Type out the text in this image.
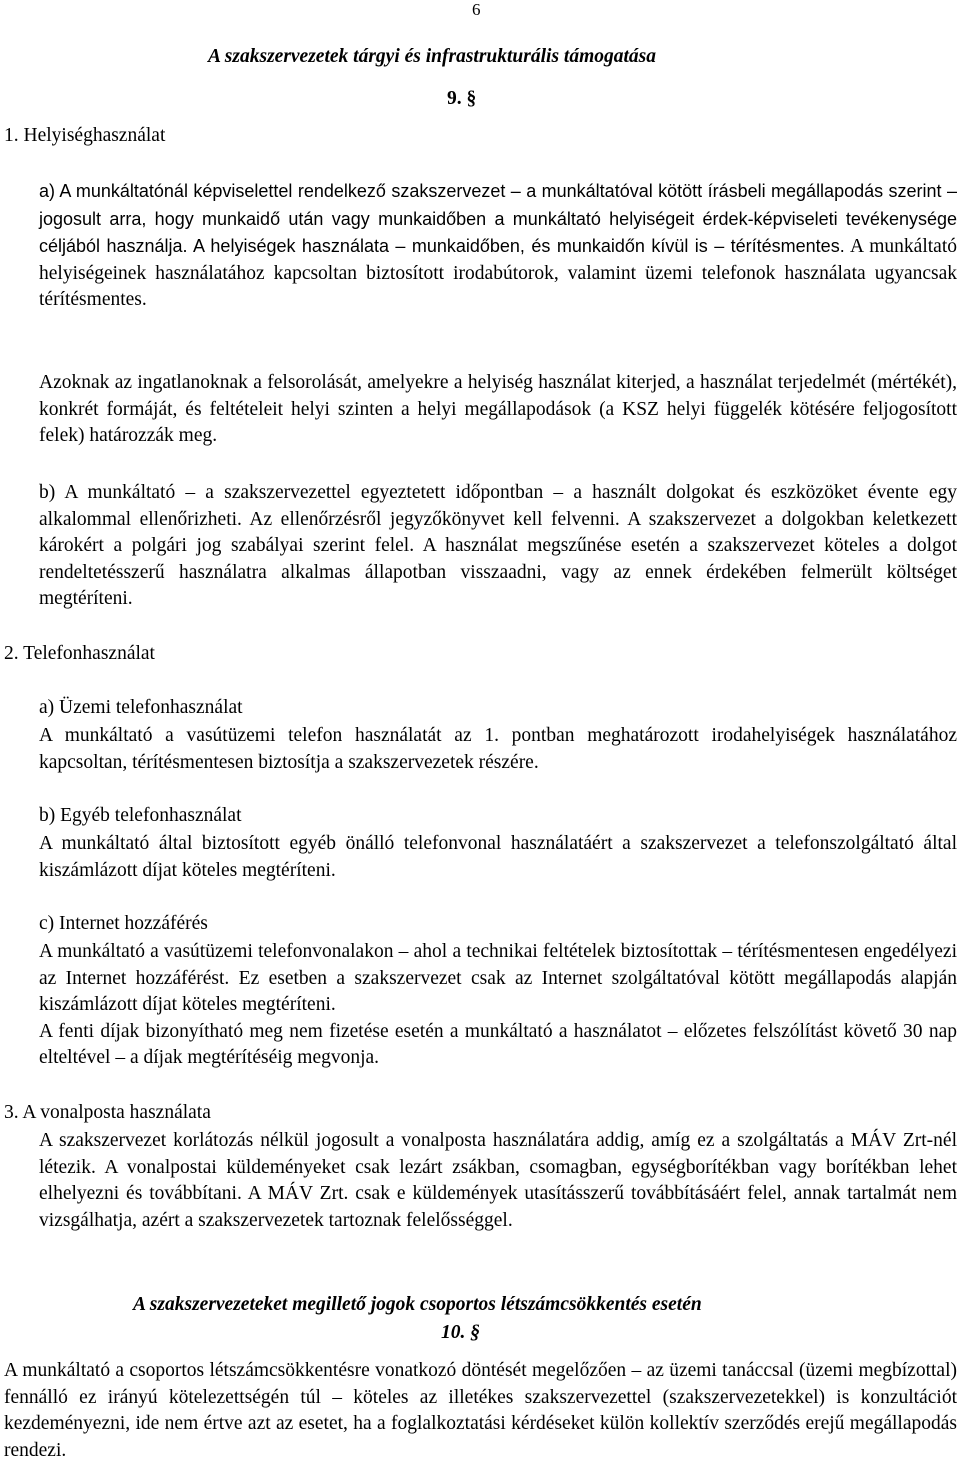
6
A szakszervezetek tárgyi és infrastrukturális támogatása
9. §
1. Helyiséghasználat

a) A munkáltatónál képviselettel rendelkező szakszervezet – a munkáltatóval kötött írásbeli megállapodás szerint – jogosult arra, hogy munkaidő után vagy munkaidőben a munkáltató helyiségeit érdek-képviseleti tevékenysége céljából használja. A helyiségek használata – munkaidőben, és munkaidőn kívül is – térítésmentes. A munkáltató helyiségeinek használatához kapcsoltan biztosított irodabútorok, valamint üzemi telefonok használata ugyancsak térítésmentes.

Azoknak az ingatlanoknak a felsorolását, amelyekre a helyiség használat kiterjed, a használat terjedelmét (mértékét), konkrét formáját, és feltételeit helyi szinten a helyi megállapodások (a KSZ helyi függelék kötésére feljogosított felek) határozzák meg.

b) A munkáltató – a szakszervezettel egyeztetett időpontban – a használt dolgokat és eszközöket évente egy alkalommal ellenőrizheti. Az ellenőrzésről jegyzőkönyvet kell felvenni. A szakszervezet a dolgokban keletkezett károkért a polgári jog szabályai szerint felel. A használat megszűnése esetén a szakszervezet köteles a dolgot rendeltetésszerű használatra alkalmas állapotban visszaadni, vagy az ennek érdekében felmerült költséget megtéríteni.

2. Telefonhasználat
a) Üzemi telefonhasználat

A munkáltató a vasútüzemi telefon használatát az 1. pontban meghatározott irodahelyiségek használatához kapcsoltan, térítésmentesen biztosítja a szakszervezetek részére.

b) Egyéb telefonhasználat

A munkáltató által biztosított egyéb önálló telefonvonal használatáért a szakszervezet a telefonszolgáltató által kiszámlázott díjat köteles megtéríteni.

c) Internet hozzáférés

A munkáltató a vasútüzemi telefonvonalakon – ahol a technikai feltételek biztosítottak – térítésmentesen engedélyezi az Internet hozzáférést. Ez esetben a szakszervezet csak az Internet szolgáltatóval kötött megállapodás alapján kiszámlázott díjat köteles megtéríteni.

A fenti díjak bizonyítható meg nem fizetése esetén a munkáltató a használatot – előzetes felszólítást követő 30 nap elteltével – a díjak megtérítéséig megvonja.

3. A vonalposta használata

A szakszervezet korlátozás nélkül jogosult a vonalposta használatára addig, amíg ez a szolgáltatás a MÁV Zrt-nél létezik. A vonalpostai küldeményeket csak lezárt zsákban, csomagban, egységborítékban vagy borítékban lehet elhelyezni és továbbítani. A MÁV Zrt. csak e küldemények utasításszerű továbbításáért felel, annak tartalmát nem vizsgálhatja, azért a szakszervezetek tartoznak felelősséggel.

A szakszervezeteket megillető jogok csoportos létszámcsökkentés esetén
10. §

A munkáltató a csoportos létszámcsökkentésre vonatkozó döntését megelőzően – az üzemi tanáccsal (üzemi megbízottal) fennálló ez irányú kötelezettségén túl – köteles az illetékes szakszervezettel (szakszervezetekkel) is konzultációt kezdeményezni, ide nem értve azt az esetet, ha a foglalkoztatási kérdéseket külön kollektív szerződés erejű megállapodás rendezi.
